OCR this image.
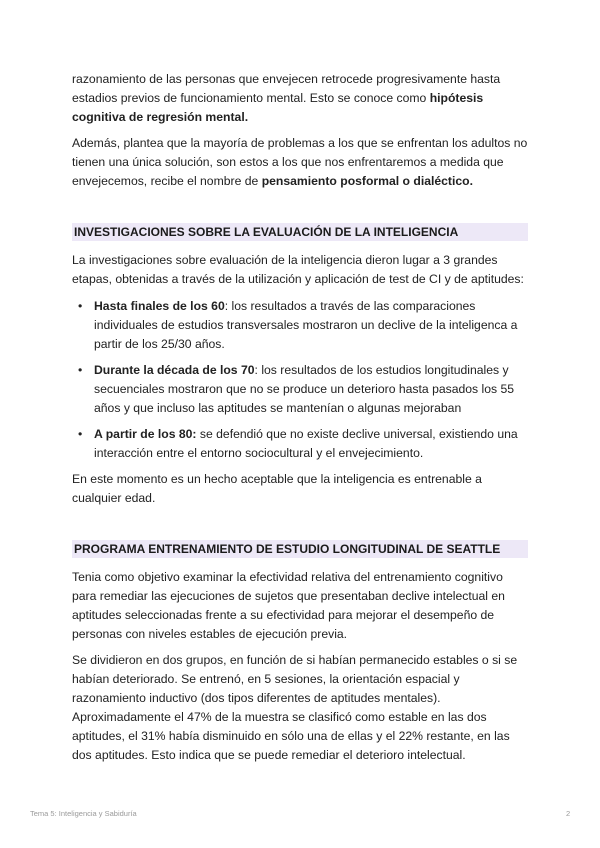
razonamiento de las personas que envejecen retrocede progresivamente hasta estadios previos de funcionamiento mental. Esto se conoce como hipótesis cognitiva de regresión mental.

Además, plantea que la mayoría de problemas a los que se enfrentan los adultos no tienen una única solución, son estos a los que nos enfrentaremos a medida que envejecemos, recibe el nombre de pensamiento posformal o dialéctico.

INVESTIGACIONES SOBRE LA EVALUACIÓN DE LA INTELIGENCIA

La investigaciones sobre evaluación de la inteligencia dieron lugar a 3 grandes etapas, obtenidas a través de la utilización y aplicación de test de CI y de aptitudes:

• Hasta finales de los 60: los resultados a través de las comparaciones individuales de estudios transversales mostraron un declive de la inteligenca a partir de los 25/30 años.
• Durante la década de los 70: los resultados de los estudios longitudinales y secuenciales mostraron que no se produce un deterioro hasta pasados los 55 años y que incluso las aptitudes se mantenían o algunas mejoraban
• A partir de los 80: se defendió que no existe declive universal, existiendo una interacción entre el entorno sociocultural y el envejecimiento.

En este momento es un hecho aceptable que la inteligencia es entrenable a cualquier edad.

PROGRAMA ENTRENAMIENTO DE ESTUDIO LONGITUDINAL DE SEATTLE

Tenia como objetivo examinar la efectividad relativa del entrenamiento cognitivo para remediar las ejecuciones de sujetos que presentaban declive intelectual en aptitudes seleccionadas frente a su efectividad para mejorar el desempeño de personas con niveles estables de ejecución previa.

Se dividieron en dos grupos, en función de si habían permanecido estables o si se habían deteriorado. Se entrenó, en 5 sesiones, la orientación espacial y razonamiento inductivo (dos tipos diferentes de aptitudes mentales). Aproximadamente el 47% de la muestra se clasificó como estable en las dos aptitudes, el 31% había disminuido en sólo una de ellas y el 22% restante, en las dos aptitudes. Esto indica que se puede remediar el deterioro intelectual.

Tema 5: Inteligencia y Sabiduría	2
